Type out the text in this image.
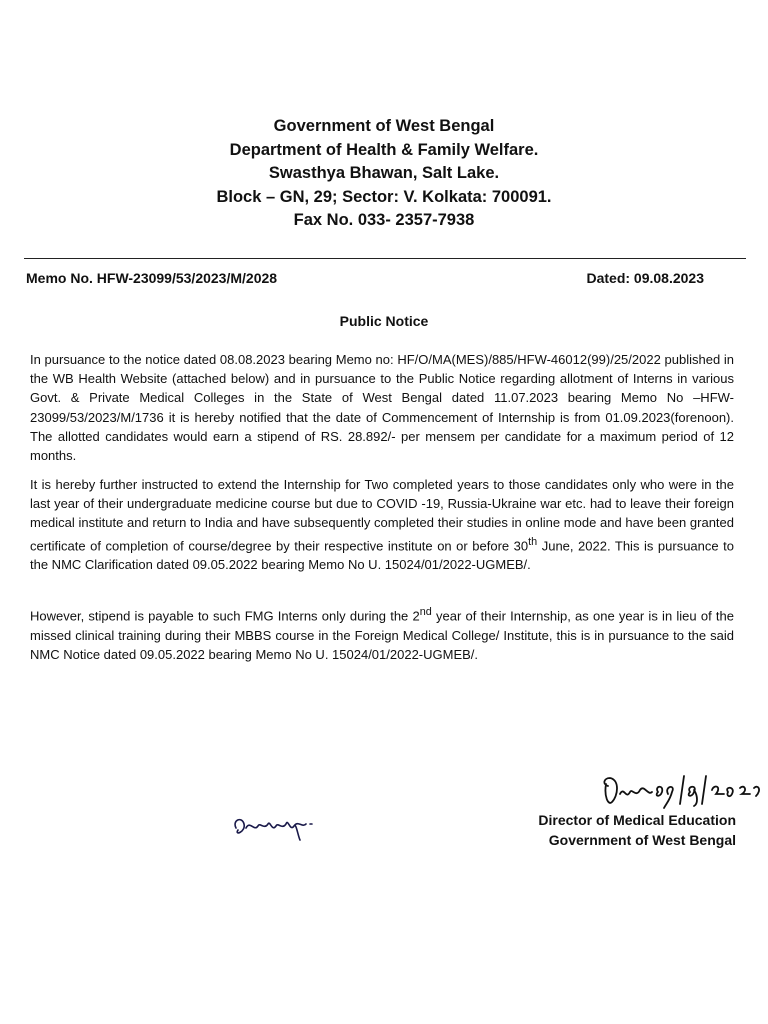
Government of West Bengal
Department of Health & Family Welfare.
Swasthya Bhawan, Salt Lake.
Block – GN, 29; Sector: V. Kolkata: 700091.
Fax No. 033- 2357-7938
Memo No. HFW-23099/53/2023/M/2028	Dated: 09.08.2023
Public Notice
In pursuance to the notice dated 08.08.2023 bearing Memo no: HF/O/MA(MES)/885/HFW-46012(99)/25/2022 published in the WB Health Website (attached below) and in pursuance to the Public Notice regarding allotment of Interns in various Govt. & Private Medical Colleges in the State of West Bengal dated 11.07.2023 bearing Memo No –HFW-23099/53/2023/M/1736 it is hereby notified that the date of Commencement of Internship is from 01.09.2023(forenoon). The allotted candidates would earn a stipend of RS. 28.892/- per mensem per candidate for a maximum period of 12 months.
It is hereby further instructed to extend the Internship for Two completed years to those candidates only who were in the last year of their undergraduate medicine course but due to COVID -19, Russia-Ukraine war etc. had to leave their foreign medical institute and return to India and have subsequently completed their studies in online mode and have been granted certificate of completion of course/degree by their respective institute on or before 30th June, 2022. This is pursuance to the NMC Clarification dated 09.05.2022 bearing Memo No U. 15024/01/2022-UGMEB/.
However, stipend is payable to such FMG Interns only during the 2nd year of their Internship, as one year is in lieu of the missed clinical training during their MBBS course in the Foreign Medical College/ Institute, this is in pursuance to the said NMC Notice dated 09.05.2022 bearing Memo No U. 15024/01/2022-UGMEB/.
Director of Medical Education
Government of West Bengal
